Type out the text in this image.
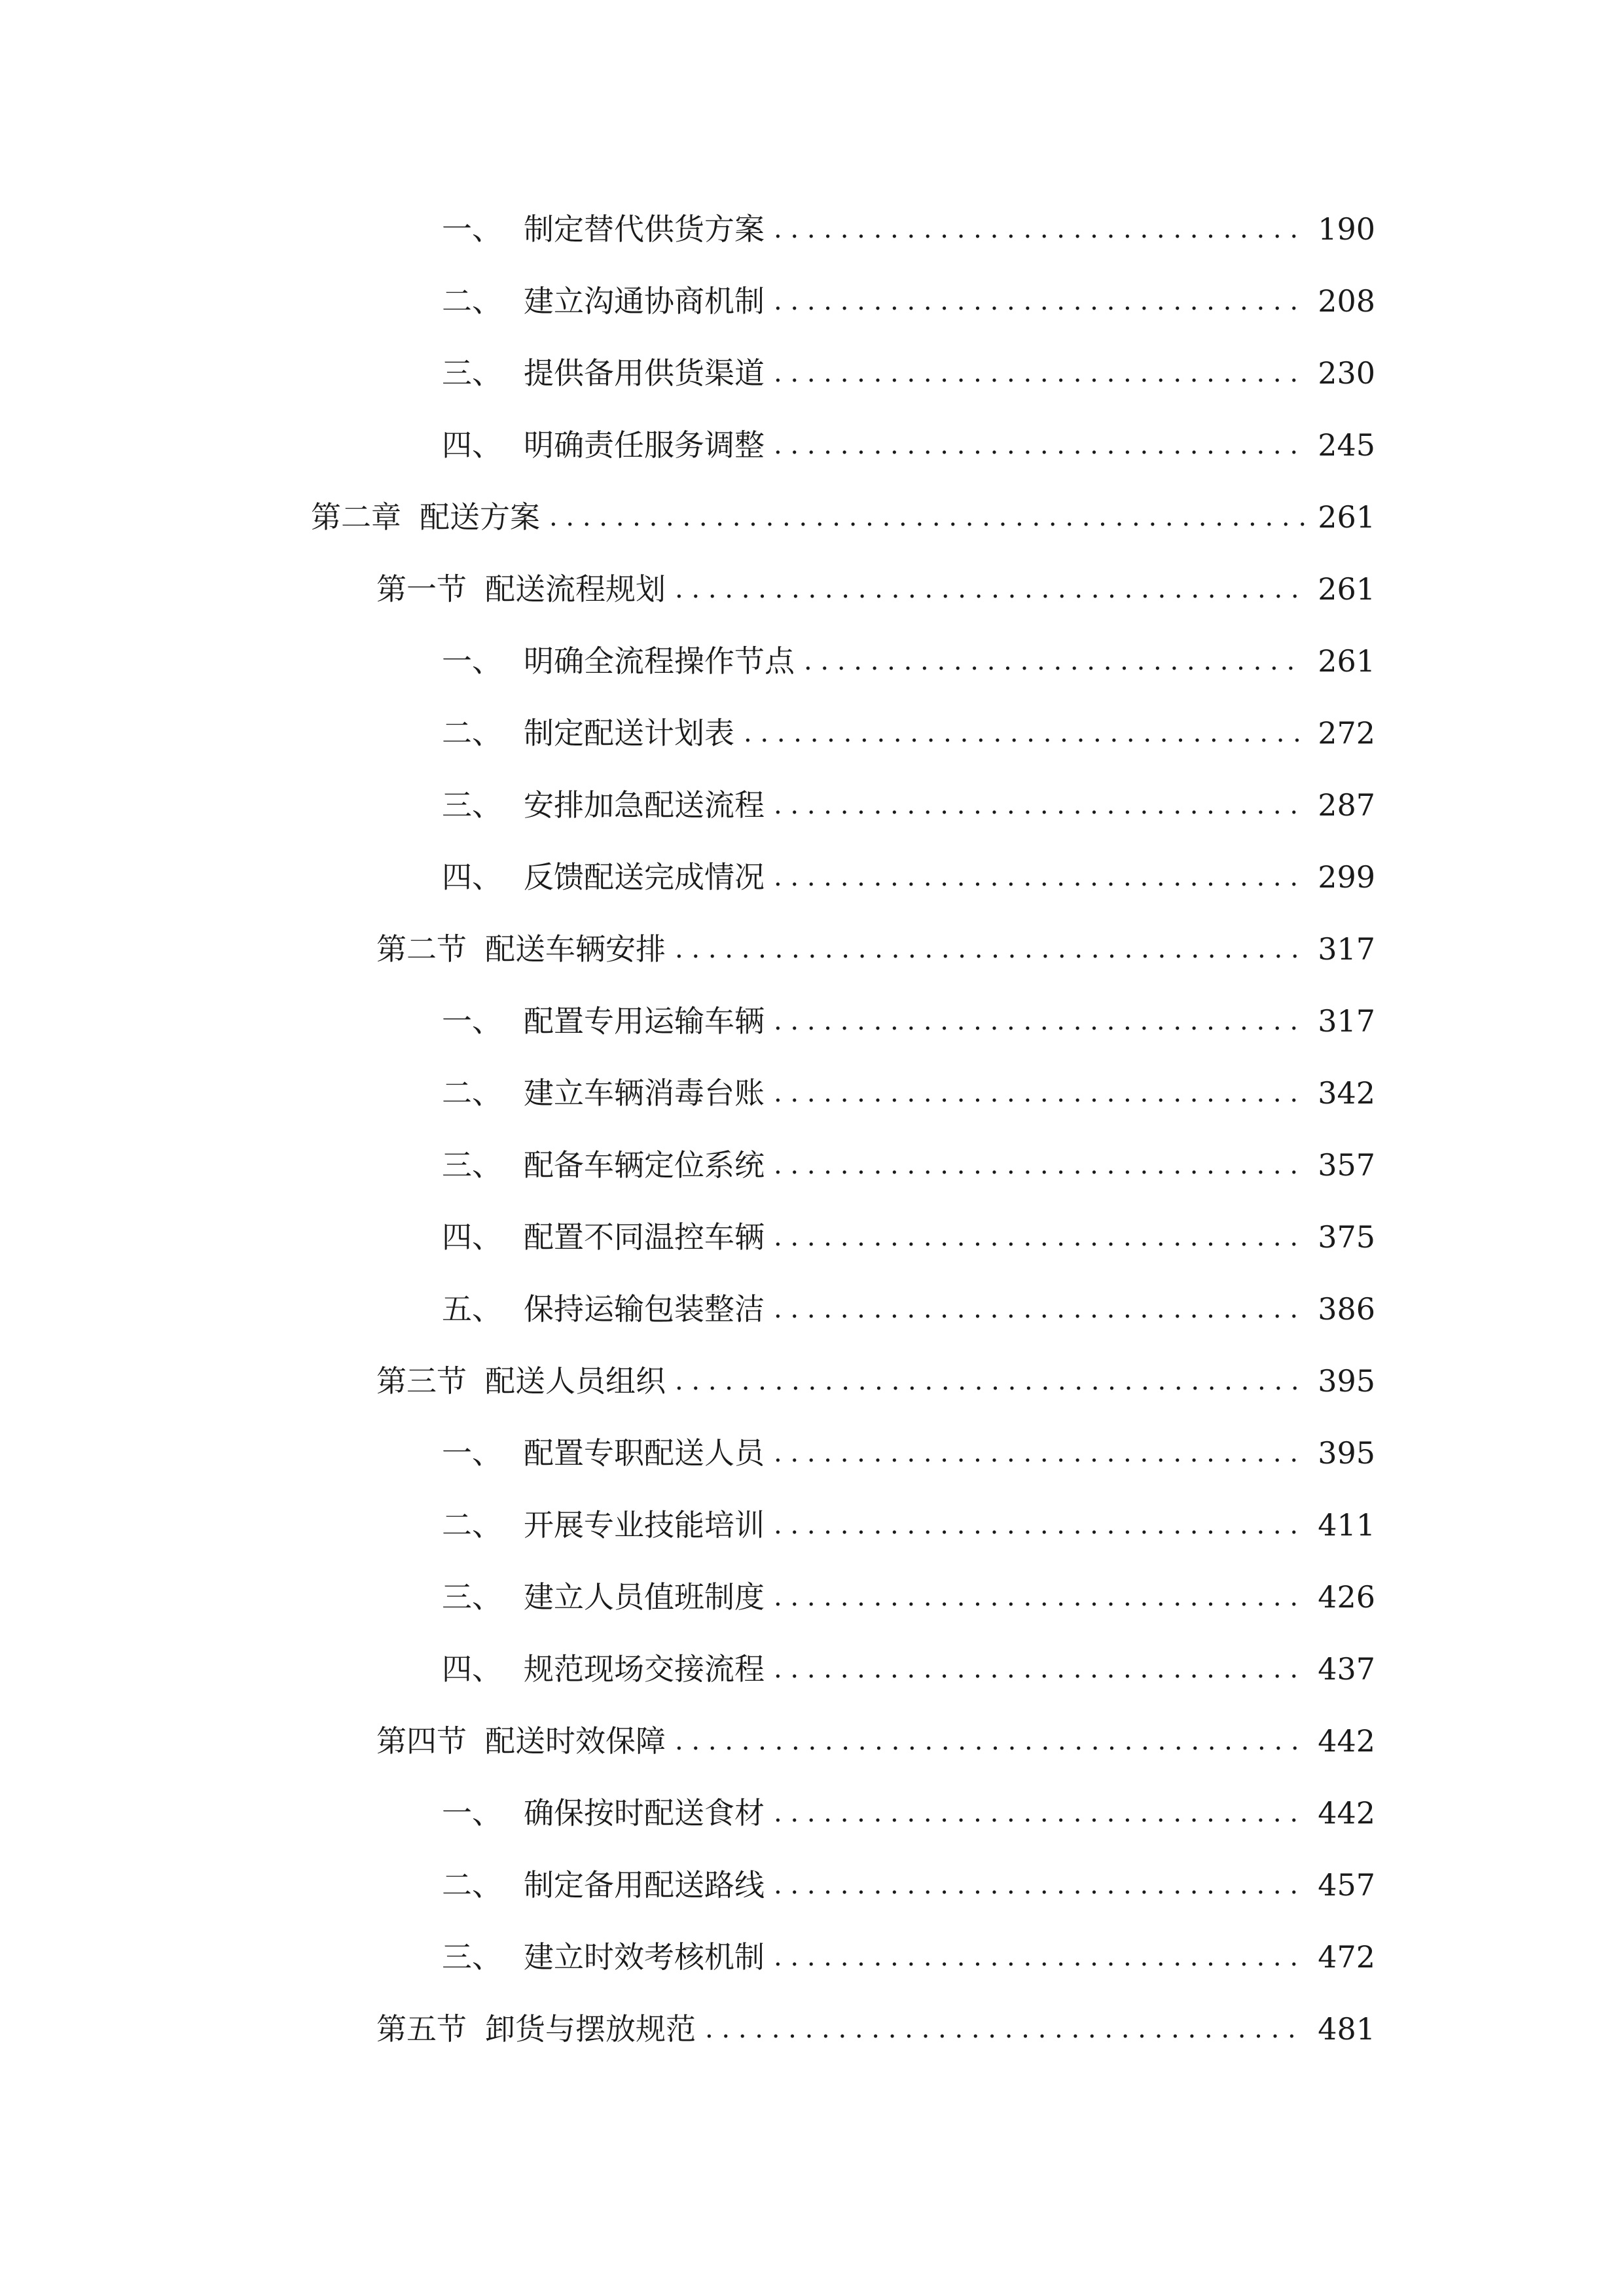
一、 制定替代供货方案 . . .	190
二、 建立沟通协商机制 . . .	208
三、 提供备用供货渠道 . . .	230
四、 明确责任服务调整 . . .	245
第二章 配送方案 . . .	261
第一节 配送流程规划 . . .	261
一、 明确全流程操作节点 . . .	261
二、 制定配送计划表 . . .	272
三、 安排加急配送流程 . . .	287
四、 反馈配送完成情况 . . .	299
第二节 配送车辆安排 . . .	317
一、 配置专用运输车辆 . . .	317
二、 建立车辆消毒台账 . . .	342
三、 配备车辆定位系统 . . .	357
四、 配置不同温控车辆 . . .	375
五、 保持运输包装整洁 . . .	386
第三节 配送人员组织 . . .	395
一、 配置专职配送人员 . . .	395
二、 开展专业技能培训 . . .	411
三、 建立人员值班制度 . . .	426
四、 规范现场交接流程 . . .	437
第四节 配送时效保障 . . .	442
一、 确保按时配送食材 . . .	442
二、 制定备用配送路线 . . .	457
三、 建立时效考核机制 . . .	472
第五节 卸货与摆放规范 . . .	481
